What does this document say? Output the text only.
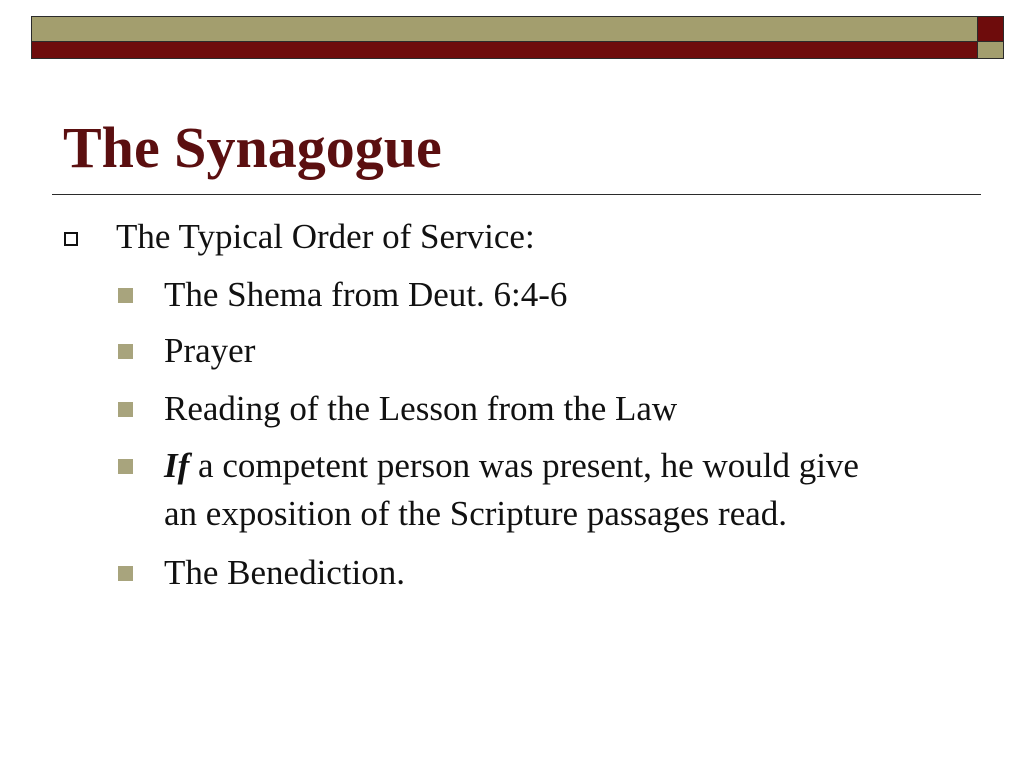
The Synagogue

The Typical Order of Service:

The Shema from Deut. 6:4-6

Prayer

Reading of the Lesson from the Law

If a competent person was present, he would give

an exposition of the Scripture passages read.

The Benediction.
